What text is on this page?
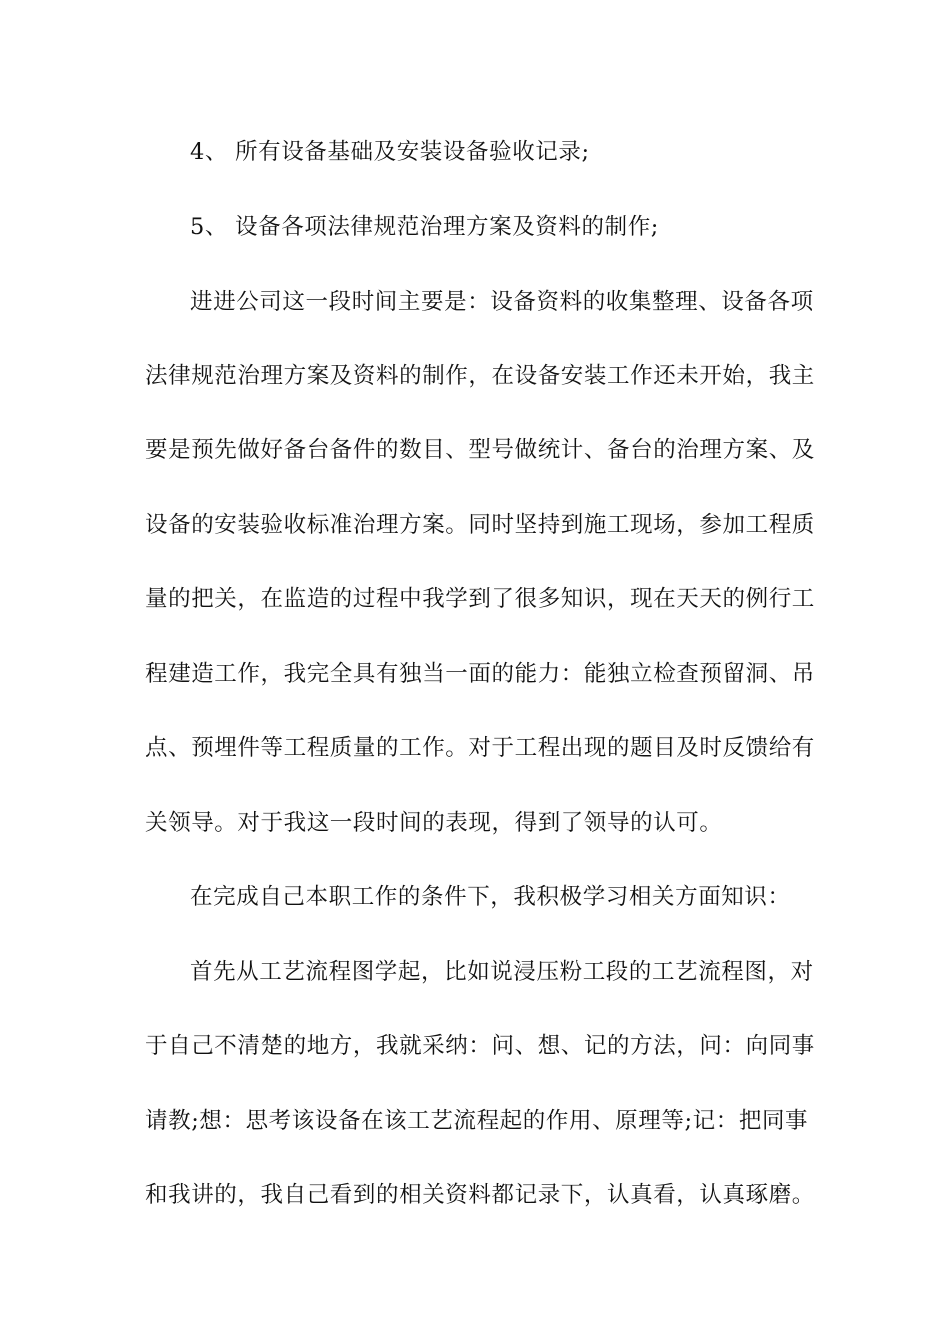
4、 所有设备基础及安装设备验收记录;
5、 设备各项法律规范治理方案及资料的制作;
进进公司这一段时间主要是：设备资料的收集整理、设备各项
法律规范治理方案及资料的制作，在设备安装工作还未开始，我主
要是预先做好备台备件的数目、型号做统计、备台的治理方案、及
设备的安装验收标准治理方案。同时坚持到施工现场，参加工程质
量的把关，在监造的过程中我学到了很多知识，现在天天的例行工
程建造工作，我完全具有独当一面的能力：能独立检查预留洞、吊
点、预埋件等工程质量的工作。对于工程出现的题目及时反馈给有
关领导。对于我这一段时间的表现，得到了领导的认可。
在完成自己本职工作的条件下，我积极学习相关方面知识：
首先从工艺流程图学起，比如说浸压粉工段的工艺流程图，对
于自己不清楚的地方，我就采纳：问、想、记的方法，问：向同事
请教;想：思考该设备在该工艺流程起的作用、原理等;记：把同事
和我讲的，我自己看到的相关资料都记录下，认真看，认真琢磨。
